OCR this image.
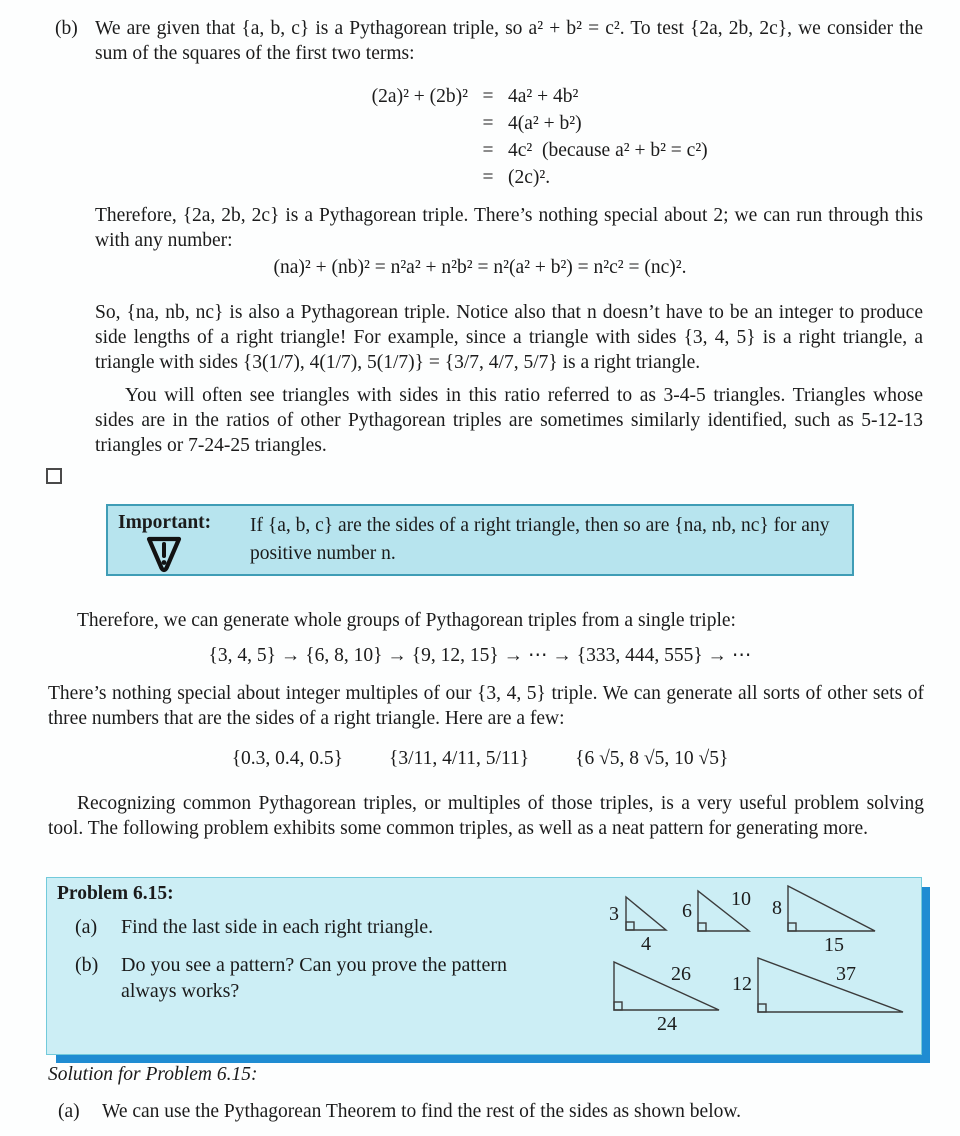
(b) We are given that {a, b, c} is a Pythagorean triple, so a² + b² = c². To test {2a, 2b, 2c}, we consider the sum of the squares of the first two terms:
(2a)² + (2b)² = 4a² + 4b²
= 4(a² + b²)
= 4c²  (because a² + b² = c²)
= (2c)².
Therefore, {2a, 2b, 2c} is a Pythagorean triple. There’s nothing special about 2; we can run through this with any number:
(na)² + (nb)² = n²a² + n²b² = n²(a² + b²) = n²c² = (nc)².
So, {na, nb, nc} is also a Pythagorean triple. Notice also that n doesn’t have to be an integer to produce side lengths of a right triangle! For example, since a triangle with sides {3, 4, 5} is a right triangle, a triangle with sides {3(1/7), 4(1/7), 5(1/7)} = {3/7, 4/7, 5/7} is a right triangle.
You will often see triangles with sides in this ratio referred to as 3-4-5 triangles. Triangles whose sides are in the ratios of other Pythagorean triples are sometimes similarly identified, such as 5-12-13 triangles or 7-24-25 triangles.
Important:	If {a, b, c} are the sides of a right triangle, then so are {na, nb, nc} for any positive number n.
Therefore, we can generate whole groups of Pythagorean triples from a single triple:
{3, 4, 5} → {6, 8, 10} → {9, 12, 15} → ⋯ → {333, 444, 555} → ⋯
There’s nothing special about integer multiples of our {3, 4, 5} triple. We can generate all sorts of other sets of three numbers that are the sides of a right triangle. Here are a few:
{0.3, 0.4, 0.5} {3/11, 4/11, 5/11} {6 √5, 8 √5, 10 √5}
Recognizing common Pythagorean triples, or multiples of those triples, is a very useful problem solving tool. The following problem exhibits some common triples, as well as a neat pattern for generating more.
Problem 6.15:
(a)	Find the last side in each right triangle.
(b)	Do you see a pattern? Can you prove the pattern always works?
3
4
6
10 8
15
26
24
12	37
Solution for Problem 6.15:
(a)	We can use the Pythagorean Theorem to find the rest of the sides as shown below.
